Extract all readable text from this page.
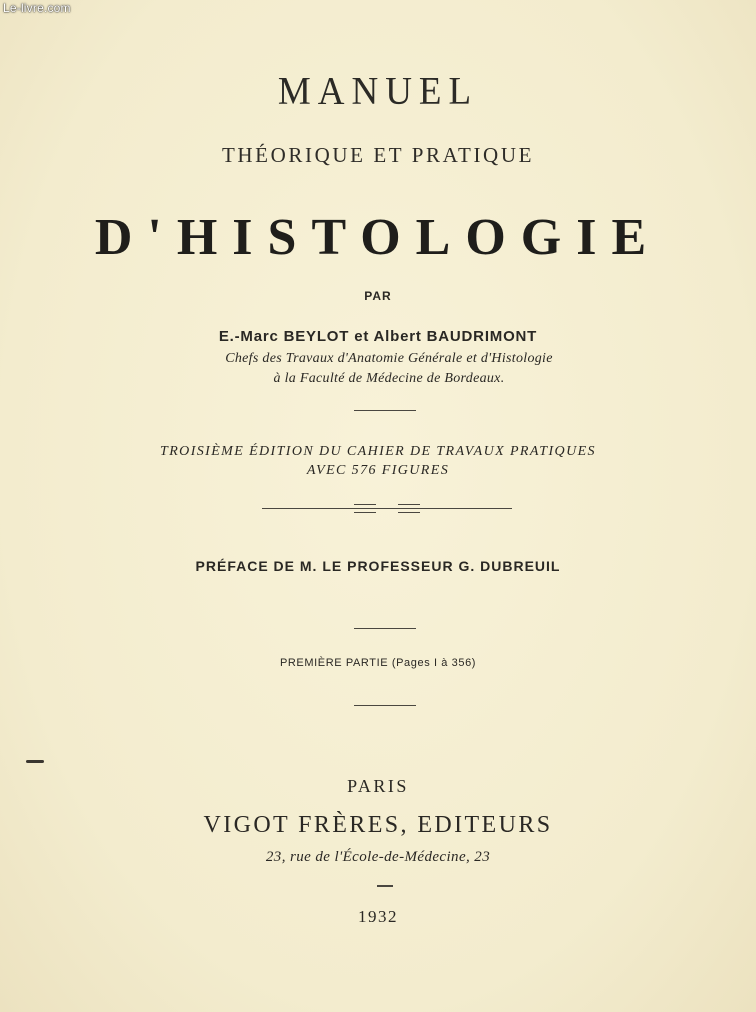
Le-livre.com
MANUEL
THÉORIQUE ET PRATIQUE
D'HISTOLOGIE
PAR
E.-Marc BEYLOT et Albert BAUDRIMONT
Chefs des Travaux d'Anatomie Générale et d'Histologie
à la Faculté de Médecine de Bordeaux.
TROISIÈME ÉDITION DU CAHIER DE TRAVAUX PRATIQUES
AVEC 576 FIGURES
PRÉFACE DE M. LE PROFESSEUR G. DUBREUIL
PREMIÈRE PARTIE (Pages I à 356)
PARIS
VIGOT FRÈRES, EDITEURS
23, rue de l'École-de-Médecine, 23
1932
